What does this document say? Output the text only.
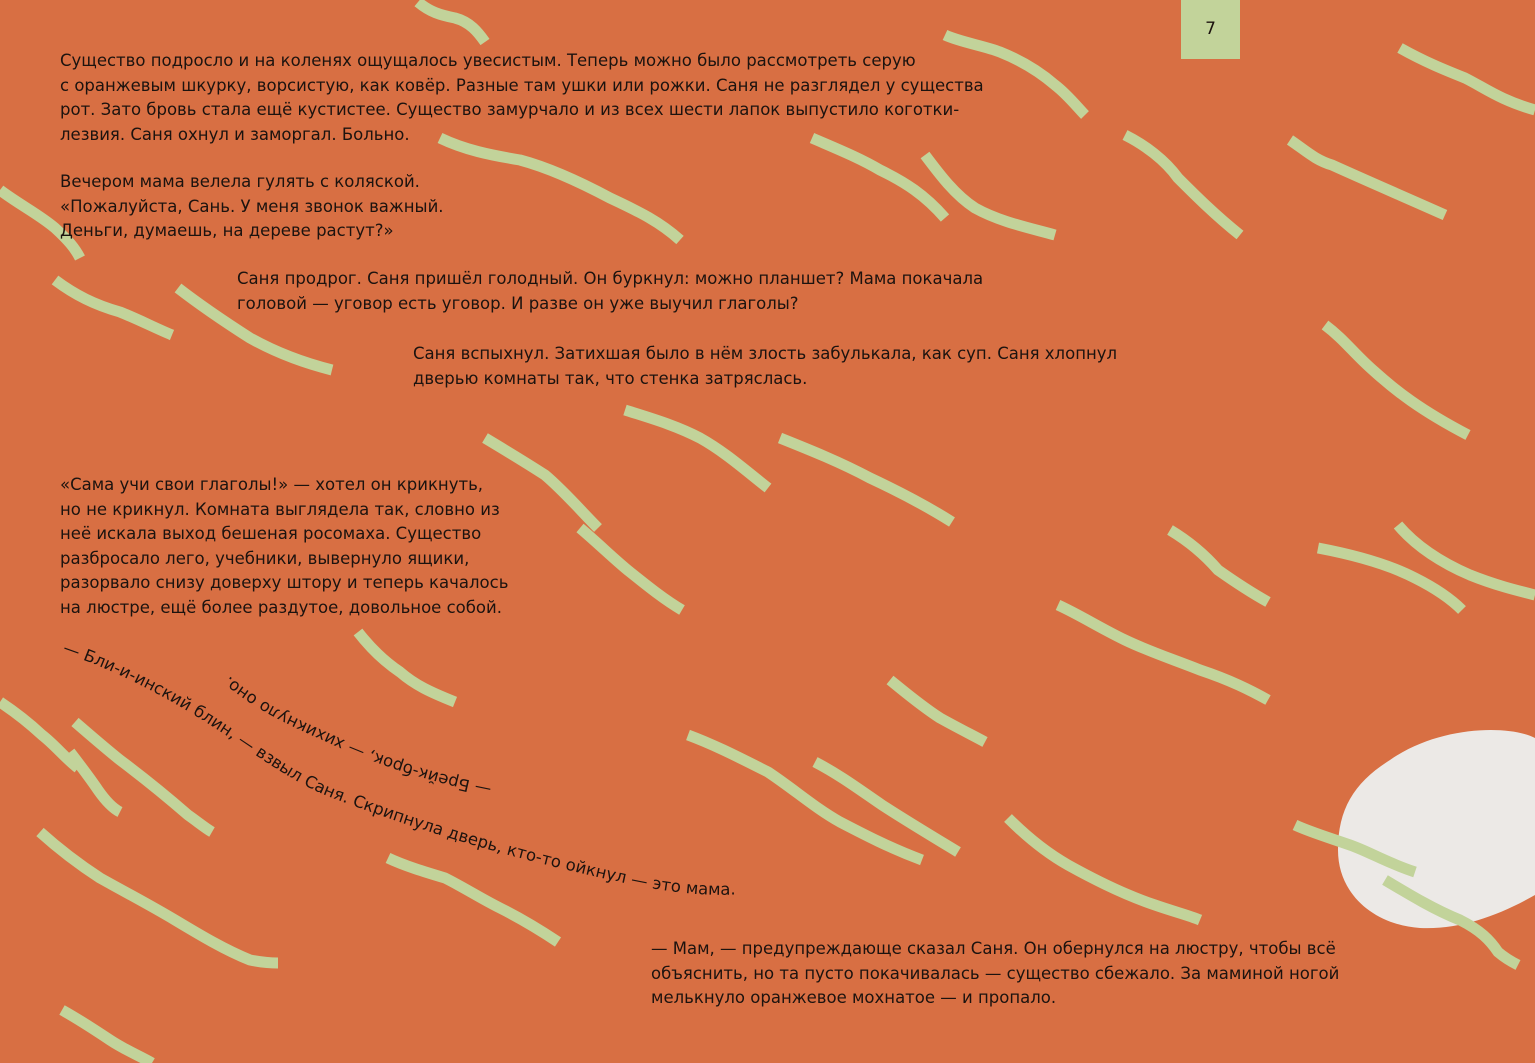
7

Существо подросло и на коленях ощущалось увесистым. Теперь можно было рассмотреть серую
с оранжевым шкурку, ворсистую, как ковёр. Разные там ушки или рожки. Саня не разглядел у существа
рот. Зато бровь стала ещё кустистее. Существо замурчало и из всех шести лапок выпустило коготки-
лезвия. Саня охнул и заморгал. Больно.

Вечером мама велела гулять с коляской.
«Пожалуйста, Сань. У меня звонок важный.
Деньги, думаешь, на дереве растут?»

Саня продрог. Саня пришёл голодный. Он буркнул: можно планшет? Мама покачала
головой — уговор есть уговор. И разве он уже выучил глаголы?

Саня вспыхнул. Затихшая было в нём злость забулькала, как суп. Саня хлопнул
дверью комнаты так, что стенка затряслась.

«Сама учи свои глаголы!» — хотел он крикнуть,
но не крикнул. Комната выглядела так, словно из
неё искала выход бешеная росомаха. Существо
разбросало лего, учебники, вывернуло ящики,
разорвало снизу доверху штору и теперь качалось
на люстре, ещё более раздутое, довольное собой.

— Мам, — предупреждающе сказал Саня. Он обернулся на люстру, чтобы всё
объяснить, но та пусто покачивалась — существо сбежало. За маминой ногой
мелькнуло оранжевое мохнатое — и пропало.

— Бли-и-инский блин, — взвыл Саня. Скрипнула дверь, кто-то ойкнул — это мама.
— Брейк-брок, — хихикнуло оно.
